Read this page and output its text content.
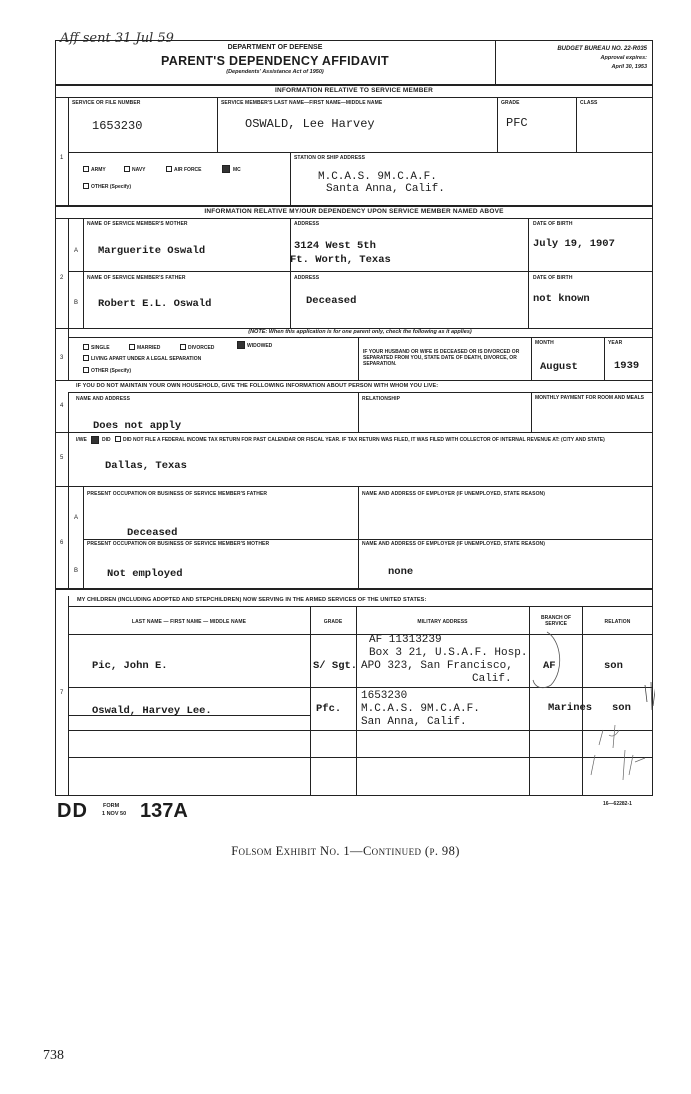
Aff sent 31 Jul 59
DEPARTMENT OF DEFENSE
PARENT'S DEPENDENCY AFFIDAVIT
(Dependents' Assistance Act of 1950)
BUDGET BUREAU NO. 22-R035
Approval expires:
April 30, 1953
INFORMATION RELATIVE TO SERVICE MEMBER
1
SERVICE OR FILE NUMBER
1653230
SERVICE MEMBER'S LAST NAME—FIRST NAME—MIDDLE NAME
OSWALD, Lee Harvey
GRADE
PFC
CLASS
ARMY	NAVY	AIR FORCE	MC
OTHER (Specify)
STATION OR SHIP ADDRESS
M.C.A.S. 9M.C.A.F.
Santa Anna, Calif.
INFORMATION RELATIVE MY/OUR DEPENDENCY UPON SERVICE MEMBER NAMED ABOVE
2
A
B
NAME OF SERVICE MEMBER'S MOTHER
Marguerite Oswald
ADDRESS
3124 West 5th
Ft. Worth, Texas
DATE OF BIRTH
July 19, 1907
NAME OF SERVICE MEMBER'S FATHER
Robert E.L. Oswald
ADDRESS
Deceased
DATE OF BIRTH
not known
3
(NOTE: When this application is for one parent only, check the following as it applies)
SINGLE	MARRIED	DIVORCED	WIDOWED
LIVING APART UNDER A LEGAL SEPARATION
OTHER (Specify)
IF YOUR HUSBAND OR WIFE IS DECEASED OR IS DIVORCED OR SEPARATED FROM YOU, STATE DATE OF DEATH, DIVORCE, OR SEPARATION.
MONTH
August
YEAR
1939
IF YOU DO NOT MAINTAIN YOUR OWN HOUSEHOLD, GIVE THE FOLLOWING INFORMATION ABOUT PERSON WITH WHOM YOU LIVE:
4
NAME AND ADDRESS
Does not apply
RELATIONSHIP	MONTHLY PAYMENT FOR ROOM AND MEALS
5
I/WE	DID DID NOT FILE A FEDERAL INCOME TAX RETURN FOR PAST CALENDAR OR FISCAL YEAR. IF TAX RETURN WAS FILED, IT WAS FILED WITH COLLECTOR OF INTERNAL REVENUE AT: (CITY AND STATE)
Dallas, Texas
6
A
B
PRESENT OCCUPATION OR BUSINESS OF SERVICE MEMBER'S FATHER
Deceased
NAME AND ADDRESS OF EMPLOYER (IF UNEMPLOYED, STATE REASON)
PRESENT OCCUPATION OR BUSINESS OF SERVICE MEMBER'S MOTHER
Not employed
NAME AND ADDRESS OF EMPLOYER (IF UNEMPLOYED, STATE REASON)
none
7
MY CHILDREN (INCLUDING ADOPTED AND STEPCHILDREN) NOW SERVING IN THE ARMED SERVICES OF THE UNITED STATES:
LAST NAME — FIRST NAME — MIDDLE NAME	GRADE	MILITARY ADDRESS
BRANCH OF SERVICE	RELATION
Pic, John E.	S/ Sgt.
AF 11313239
Box 3 21, U.S.A.F. Hosp.
APO 323, San Francisco,
Calif.
AF	son
Oswald, Harvey Lee.	Pfc.
1653230
M.C.A.S. 9M.C.A.F.
San Anna, Calif.
Marines son
DD	FORM
1 NOV 50 137A	16—62282-1
Folsom Exhibit No. 1—Continued (p. 98)
738
